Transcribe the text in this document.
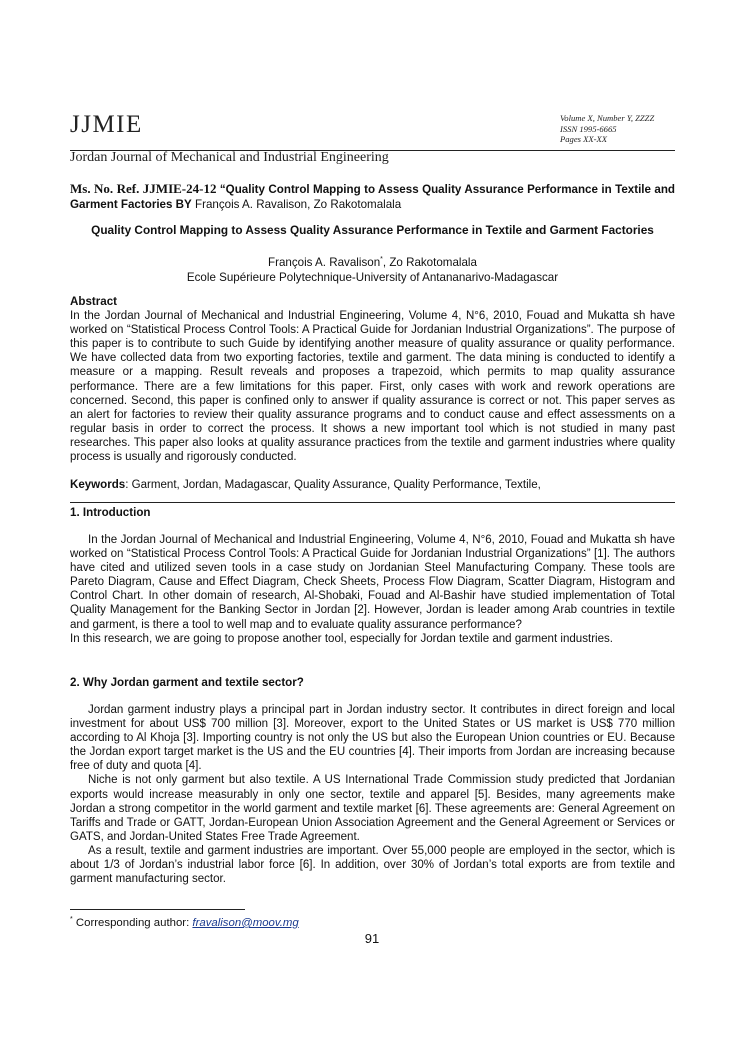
JJMIE	Volume X, Number Y, ZZZZ
ISSN 1995-6665
Pages XX-XX
Jordan Journal of Mechanical and Industrial Engineering
Ms. No. Ref. JJMIE-24-12 “Quality Control Mapping to Assess Quality Assurance Performance in Textile and Garment Factories BY François A. Ravalison, Zo Rakotomalala
Quality Control Mapping to Assess Quality Assurance Performance in Textile and Garment Factories
François A. Ravalison*, Zo Rakotomalala
Ecole Supérieure Polytechnique-University of Antananarivo-Madagascar

Abstract

In the Jordan Journal of Mechanical and Industrial Engineering, Volume 4, N°6, 2010, Fouad and Mukatta sh have worked on “Statistical Process Control Tools: A Practical Guide for Jordanian Industrial Organizations”. The purpose of this paper is to contribute to such Guide by identifying another measure of quality assurance or quality performance. We have collected data from two exporting factories, textile and garment. The data mining is conducted to identify a measure or a mapping. Result reveals and proposes a trapezoid, which permits to map quality assurance performance. There are a few limitations for this paper. First, only cases with work and rework operations are concerned. Second, this paper is confined only to answer if quality assurance is correct or not. This paper serves as an alert for factories to review their quality assurance programs and to conduct cause and effect assessments on a regular basis in order to correct the process. It shows a new important tool which is not studied in many past researches. This paper also looks at quality assurance practices from the textile and garment industries where quality process is usually and rigorously conducted.

Keywords: Garment, Jordan, Madagascar, Quality Assurance, Quality Performance, Textile,

1. Introduction

In the Jordan Journal of Mechanical and Industrial Engineering, Volume 4, N°6, 2010, Fouad and Mukatta sh have worked on “Statistical Process Control Tools: A Practical Guide for Jordanian Industrial Organizations” [1]. The authors have cited and utilized seven tools in a case study on Jordanian Steel Manufacturing Company. These tools are Pareto Diagram, Cause and Effect Diagram, Check Sheets, Process Flow Diagram, Scatter Diagram, Histogram and Control Chart. In other domain of research, Al-Shobaki, Fouad and Al-Bashir have studied implementation of Total Quality Management for the Banking Sector in Jordan [2]. However, Jordan is leader among Arab countries in textile and garment, is there a tool to well map and to evaluate quality assurance performance?

In this research, we are going to propose another tool, especially for Jordan textile and garment industries.

2. Why Jordan garment and textile sector?

Jordan garment industry plays a principal part in Jordan industry sector. It contributes in direct foreign and local investment for about US$ 700 million [3]. Moreover, export to the United States or US market is US$ 770 million according to Al Khoja [3]. Importing country is not only the US but also the European Union countries or EU. Because the Jordan export target market is the US and the EU countries [4]. Their imports from Jordan are increasing because free of duty and quota [4].

Niche is not only garment but also textile. A US International Trade Commission study predicted that Jordanian exports would increase measurably in only one sector, textile and apparel [5]. Besides, many agreements make Jordan a strong competitor in the world garment and textile market [6]. These agreements are: General Agreement on Tariffs and Trade or GATT, Jordan-European Union Association Agreement and the General Agreement or Services or GATS, and Jordan-United States Free Trade Agreement.

As a result, textile and garment industries are important. Over 55,000 people are employed in the sector, which is about 1/3 of Jordan’s industrial labor force [6]. In addition, over 30% of Jordan’s total exports are from textile and garment manufacturing sector.

* Corresponding author: fravalison@moov.mg
91
